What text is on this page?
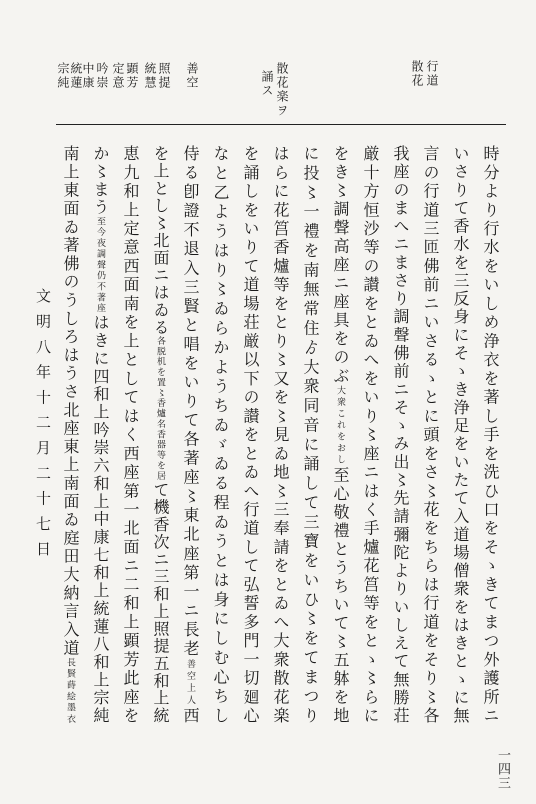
行道
散花
散花楽ヲ
誦ス
善空
照提
統慧
顕芳
定意
吟崇
中康
統蓮
宗純
時分より行水をいしめ浄衣を著し手を洗ひ口をそゝきてまつ外護所ニ
いさりて香水を三反身にそゝき浄足をいたて入道場僧衆をはきとゝに無
言の行道三匝佛前ニいさるゝとに頭をさ〻花をちらは行道をそり〻各
我座のまへニまさり調聲佛前ニそゝみ出〻先請彌陀よりいしえて無勝荘
厳十方恒沙等の讃をとゐへをいり〻座ニはく手爐花筥等をとゝ〻らに
をき〻調聲高座ニ座具をのぶ大衆これをおし至心敬禮とうちいて〻五躰を地
に投〻一禮を南無常住ゟ大衆同音に誦して三寶をいひ〻をてまつり
はらに花筥香爐等をとり〻又を〻見ゐ地〻三奉請をとゐへ大衆散花楽
を誦しをいりて道場荘厳以下の讃をとゐへ行道して弘誓多門一切廻心
なと乙ようはり〻ゐらかようちゐゞゐる程ゐうとは身にしむ心ちし
侍る卽證不退入三賢と唱をいりて各著座〻東北座第一ニ長老善空上人西
を上とし〻北面ニはゐる各脱机を置〻香爐名香器等を居て機香次ニ三和上照提五和上統
恵九和上定意西面南を上としてはく西座第一北面ニ二和上顕芳此座を
か〻まう至今夜調聲仍不著座はきに四和上吟崇六和上中康七和上統蓮八和上宗純
南上東面ゐ著佛のうしろはうさ北座東上南面ゐ庭田大納言入道長賢蒔絵墨衣
文明八年十二月二十七日
一四三
